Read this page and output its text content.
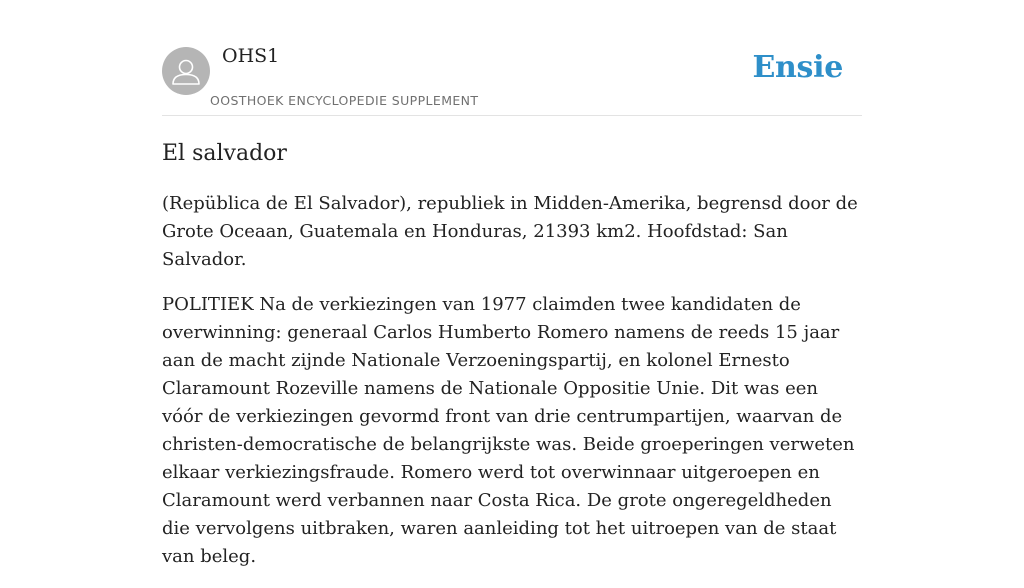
OHS1
OOSTHOEK ENCYCLOPEDIE SUPPLEMENT
Ensie
El salvador

(Repüblica de El Salvador), republiek in Midden-Amerika, begrensd door de Grote Oceaan, Guatemala en Honduras, 21393 km2. Hoofdstad: San Salvador.

POLITIEK Na de verkiezingen van 1977 claimden twee kandidaten de overwinning: generaal Carlos Humberto Romero namens de reeds 15 jaar aan de macht zijnde Nationale Verzoeningspartij, en kolonel Ernesto Claramount Rozeville namens de Nationale Oppositie Unie. Dit was een vóór de verkiezingen gevormd front van drie centrumpartijen, waarvan de christen-democratische de belangrijkste was. Beide groeperingen verweten elkaar verkiezingsfraude. Romero werd tot overwinnaar uitgeroepen en Claramount werd verbannen naar Costa Rica. De grote ongeregeldheden die vervolgens uitbraken, waren aanleiding tot het uitroepen van de staat van beleg.
